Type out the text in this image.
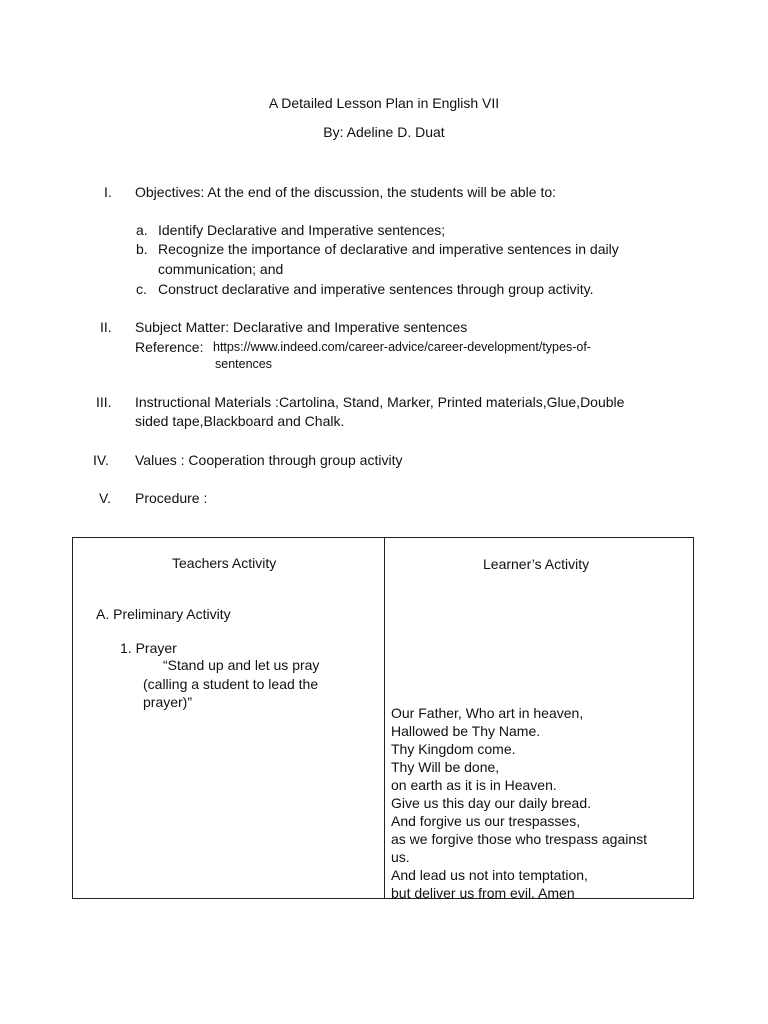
A Detailed Lesson Plan in English VII
By: Adeline D. Duat
I. Objectives: At the end of the discussion, the students will be able to:
a. Identify Declarative and Imperative sentences;
b. Recognize the importance of declarative and imperative sentences in daily
communication; and
c. Construct declarative and imperative sentences through group activity.
II. Subject Matter: Declarative and Imperative sentences
Reference: https://www.indeed.com/career-advice/career-development/types-of-
sentences
III. Instructional Materials :Cartolina, Stand, Marker, Printed materials,Glue,Double
sided tape,Blackboard and Chalk.
IV. Values : Cooperation through group activity
V. Procedure :
Teachers Activity	Learner’s Activity
A. Preliminary Activity
1. Prayer
“Stand up and let us pray
(calling a student to lead the
prayer)”
Our Father, Who art in heaven,
Hallowed be Thy Name.
Thy Kingdom come.
Thy Will be done,
on earth as it is in Heaven.
Give us this day our daily bread.
And forgive us our trespasses,
as we forgive those who trespass against
us.
And lead us not into temptation,
but deliver us from evil. Amen
